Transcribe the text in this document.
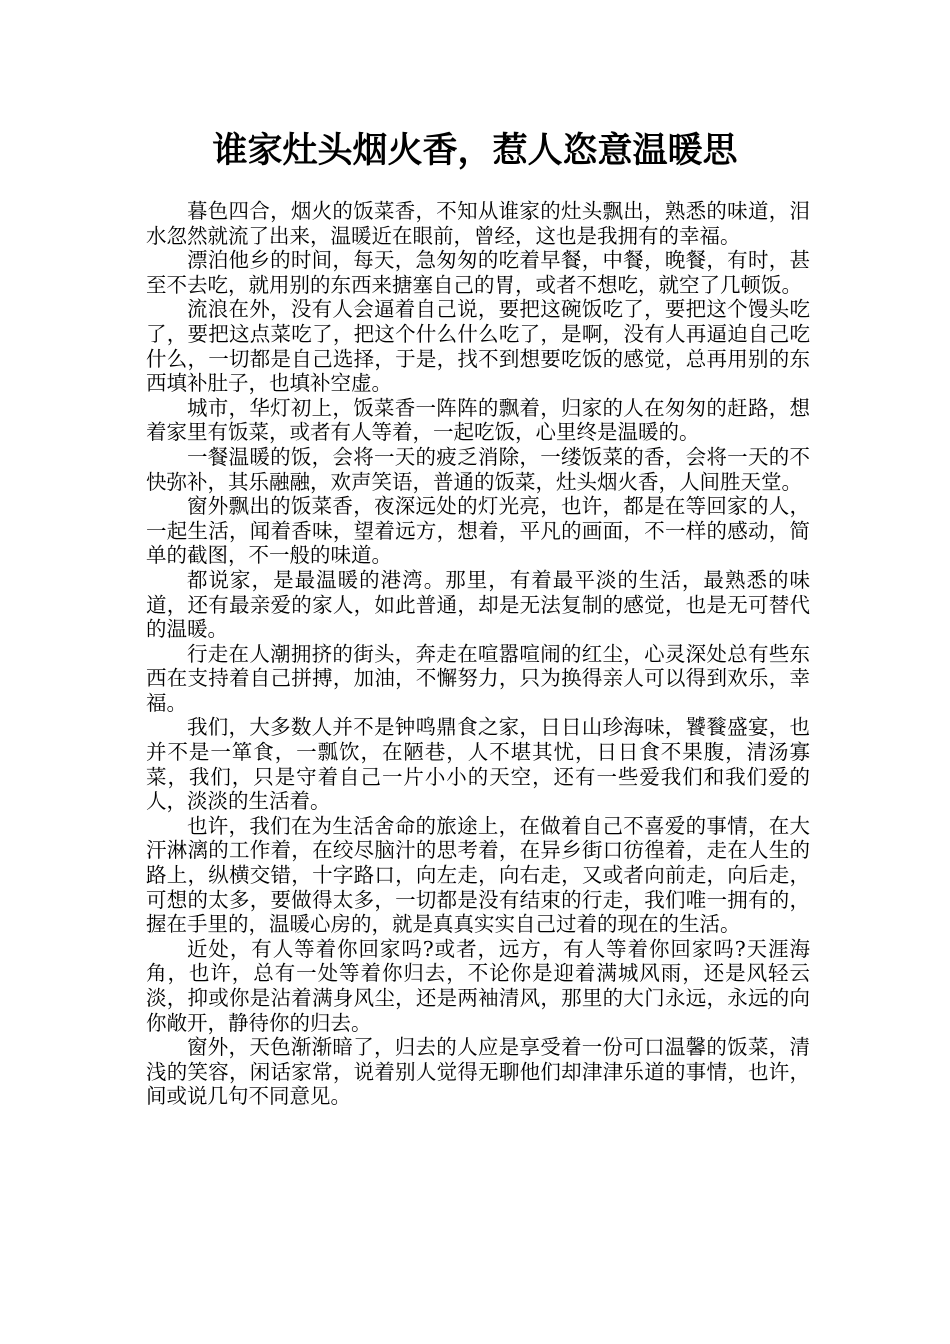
谁家灶头烟火香，惹人恣意温暖思

暮色四合，烟火的饭菜香，不知从谁家的灶头飘出，熟悉的味道，泪水忽然就流了出来，温暖近在眼前，曾经，这也是我拥有的幸福。

漂泊他乡的时间，每天，急匆匆的吃着早餐，中餐，晚餐，有时，甚至不去吃，就用别的东西来搪塞自己的胃，或者不想吃，就空了几顿饭。

流浪在外，没有人会逼着自己说，要把这碗饭吃了，要把这个馒头吃了，要把这点菜吃了，把这个什么什么吃了，是啊，没有人再逼迫自己吃什么，一切都是自己选择，于是，找不到想要吃饭的感觉，总再用别的东西填补肚子，也填补空虚。

城市，华灯初上，饭菜香一阵阵的飘着，归家的人在匆匆的赶路，想着家里有饭菜，或者有人等着，一起吃饭，心里终是温暖的。

一餐温暖的饭，会将一天的疲乏消除，一缕饭菜的香，会将一天的不快弥补，其乐融融，欢声笑语，普通的饭菜，灶头烟火香，人间胜天堂。

窗外飘出的饭菜香，夜深远处的灯光亮，也许，都是在等回家的人，一起生活，闻着香味，望着远方，想着，平凡的画面，不一样的感动，简单的截图，不一般的味道。

都说家，是最温暖的港湾。那里，有着最平淡的生活，最熟悉的味道，还有最亲爱的家人，如此普通，却是无法复制的感觉，也是无可替代的温暖。

行走在人潮拥挤的街头，奔走在喧嚣喧闹的红尘，心灵深处总有些东西在支持着自己拼搏，加油，不懈努力，只为换得亲人可以得到欢乐，幸福。

我们，大多数人并不是钟鸣鼎食之家，日日山珍海味，饕餮盛宴，也并不是一箪食，一瓢饮，在陋巷，人不堪其忧，日日食不果腹，清汤寡菜，我们，只是守着自己一片小小的天空，还有一些爱我们和我们爱的人，淡淡的生活着。

也许，我们在为生活舍命的旅途上，在做着自己不喜爱的事情，在大汗淋漓的工作着，在绞尽脑汁的思考着，在异乡街口彷徨着，走在人生的路上，纵横交错，十字路口，向左走，向右走，又或者向前走，向后走，可想的太多，要做得太多，一切都是没有结束的行走，我们唯一拥有的，握在手里的，温暖心房的，就是真真实实自己过着的现在的生活。

近处，有人等着你回家吗?或者，远方，有人等着你回家吗?天涯海角，也许，总有一处等着你归去，不论你是迎着满城风雨，还是风轻云淡，抑或你是沾着满身风尘，还是两袖清风，那里的大门永远，永远的向你敞开，静待你的归去。

窗外，天色渐渐暗了，归去的人应是享受着一份可口温馨的饭菜，清浅的笑容，闲话家常，说着别人觉得无聊他们却津津乐道的事情，也许，间或说几句不同意见。
